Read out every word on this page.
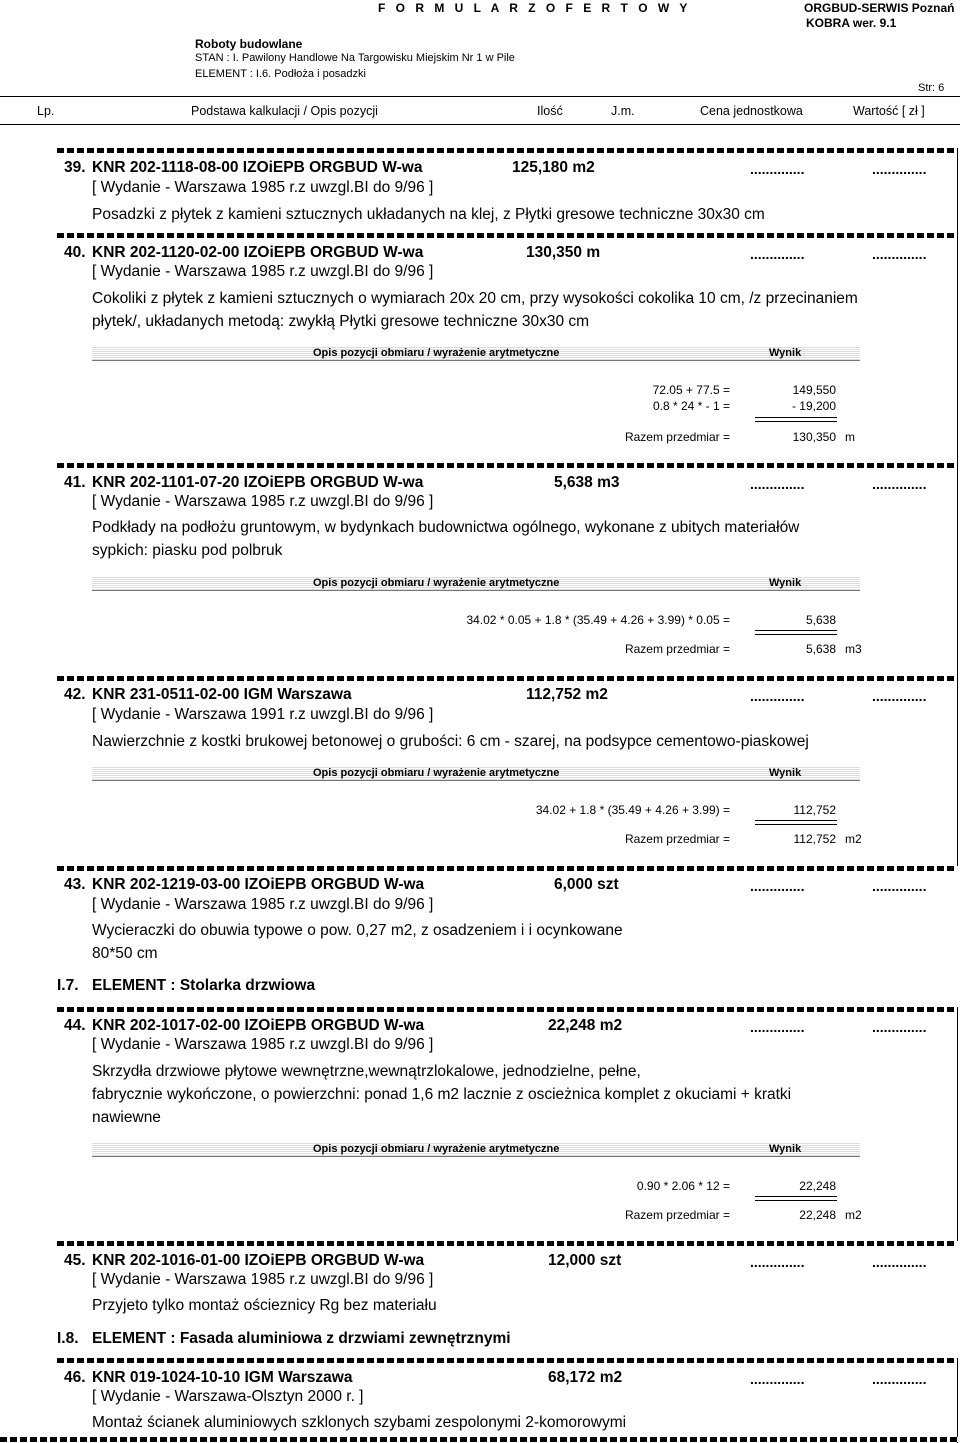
F O R M U L A R Z O F E R T O W Y	ORGBUD-SERWIS Poznań
KOBRA wer. 9.1
Roboty budowlane
STAN : I. Pawilony Handlowe Na Targowisku Miejskim Nr 1 w Pile
ELEMENT : I.6. Podłoża i posadzki
Str: 6
Lp.	Podstawa kalkulacji / Opis pozycji	Ilość	J.m.	Cena jednostkowa	Wartość [ zł ]
39. KNR 202-1118-08-00 IZOiEPB ORGBUD W-wa	125,180 m2	..............	..............
[ Wydanie - Warszawa 1985 r.z uwzgl.BI do 9/96 ]
Posadzki z płytek z kamieni sztucznych układanych na klej, z Płytki gresowe techniczne 30x30 cm
40. KNR 202-1120-02-00 IZOiEPB ORGBUD W-wa	130,350 m	..............	..............
[ Wydanie - Warszawa 1985 r.z uwzgl.BI do 9/96 ]
Cokoliki z płytek z kamieni sztucznych o wymiarach 20x 20 cm, przy wysokości cokolika 10 cm, /z przecinaniem
płytek/, układanych metodą: zwykłą Płytki gresowe techniczne 30x30 cm
Opis pozycji obmiaru / wyrażenie arytmetyczne	Wynik
72.05 + 77.5 =	149,550
0.8 * 24 * - 1 =	- 19,200
Razem przedmiar =	130,350 m
41. KNR 202-1101-07-20 IZOiEPB ORGBUD W-wa	5,638 m3	..............	..............
[ Wydanie - Warszawa 1985 r.z uwzgl.BI do 9/96 ]
Podkłady na podłożu gruntowym, w bydynkach budownictwa ogólnego, wykonane z ubitych materiałów
sypkich: piasku pod polbruk
Opis pozycji obmiaru / wyrażenie arytmetyczne	Wynik
34.02 * 0.05 + 1.8 * (35.49 + 4.26 + 3.99) * 0.05 =	5,638
Razem przedmiar =	5,638 m3
42. KNR 231-0511-02-00 IGM Warszawa	112,752 m2	..............	..............
[ Wydanie - Warszawa 1991 r.z uwzgl.BI do 9/96 ]
Nawierzchnie z kostki brukowej betonowej o grubości: 6 cm - szarej, na podsypce cementowo-piaskowej
Opis pozycji obmiaru / wyrażenie arytmetyczne	Wynik
34.02 + 1.8 * (35.49 + 4.26 + 3.99) =	112,752
Razem przedmiar =	112,752 m2
43. KNR 202-1219-03-00 IZOiEPB ORGBUD W-wa	6,000 szt	..............	..............
[ Wydanie - Warszawa 1985 r.z uwzgl.BI do 9/96 ]
Wycieraczki do obuwia typowe o pow. 0,27 m2, z osadzeniem i i ocynkowane
80*50 cm
I.7. ELEMENT : Stolarka drzwiowa
44. KNR 202-1017-02-00 IZOiEPB ORGBUD W-wa	22,248 m2	..............	..............
[ Wydanie - Warszawa 1985 r.z uwzgl.BI do 9/96 ]
Skrzydła drzwiowe płytowe wewnętrzne,wewnątrzlokalowe, jednodzielne, pełne,
fabrycznie wykończone, o powierzchni: ponad 1,6 m2 lacznie z oscieżnica komplet z okuciami + kratki
nawiewne
Opis pozycji obmiaru / wyrażenie arytmetyczne	Wynik
0.90 * 2.06 * 12 =	22,248
Razem przedmiar =	22,248 m2
45. KNR 202-1016-01-00 IZOiEPB ORGBUD W-wa	12,000 szt	..............	..............
[ Wydanie - Warszawa 1985 r.z uwzgl.BI do 9/96 ]
Przyjeto tylko montaż ościeznicy Rg bez materiału
I.8. ELEMENT : Fasada aluminiowa z drzwiami zewnętrznymi
46. KNR 019-1024-10-10 IGM Warszawa	68,172 m2	..............	..............
[ Wydanie - Warszawa-Olsztyn 2000 r. ]
Montaż ścianek aluminiowych szklonych szybami zespolonymi 2-komorowymi
